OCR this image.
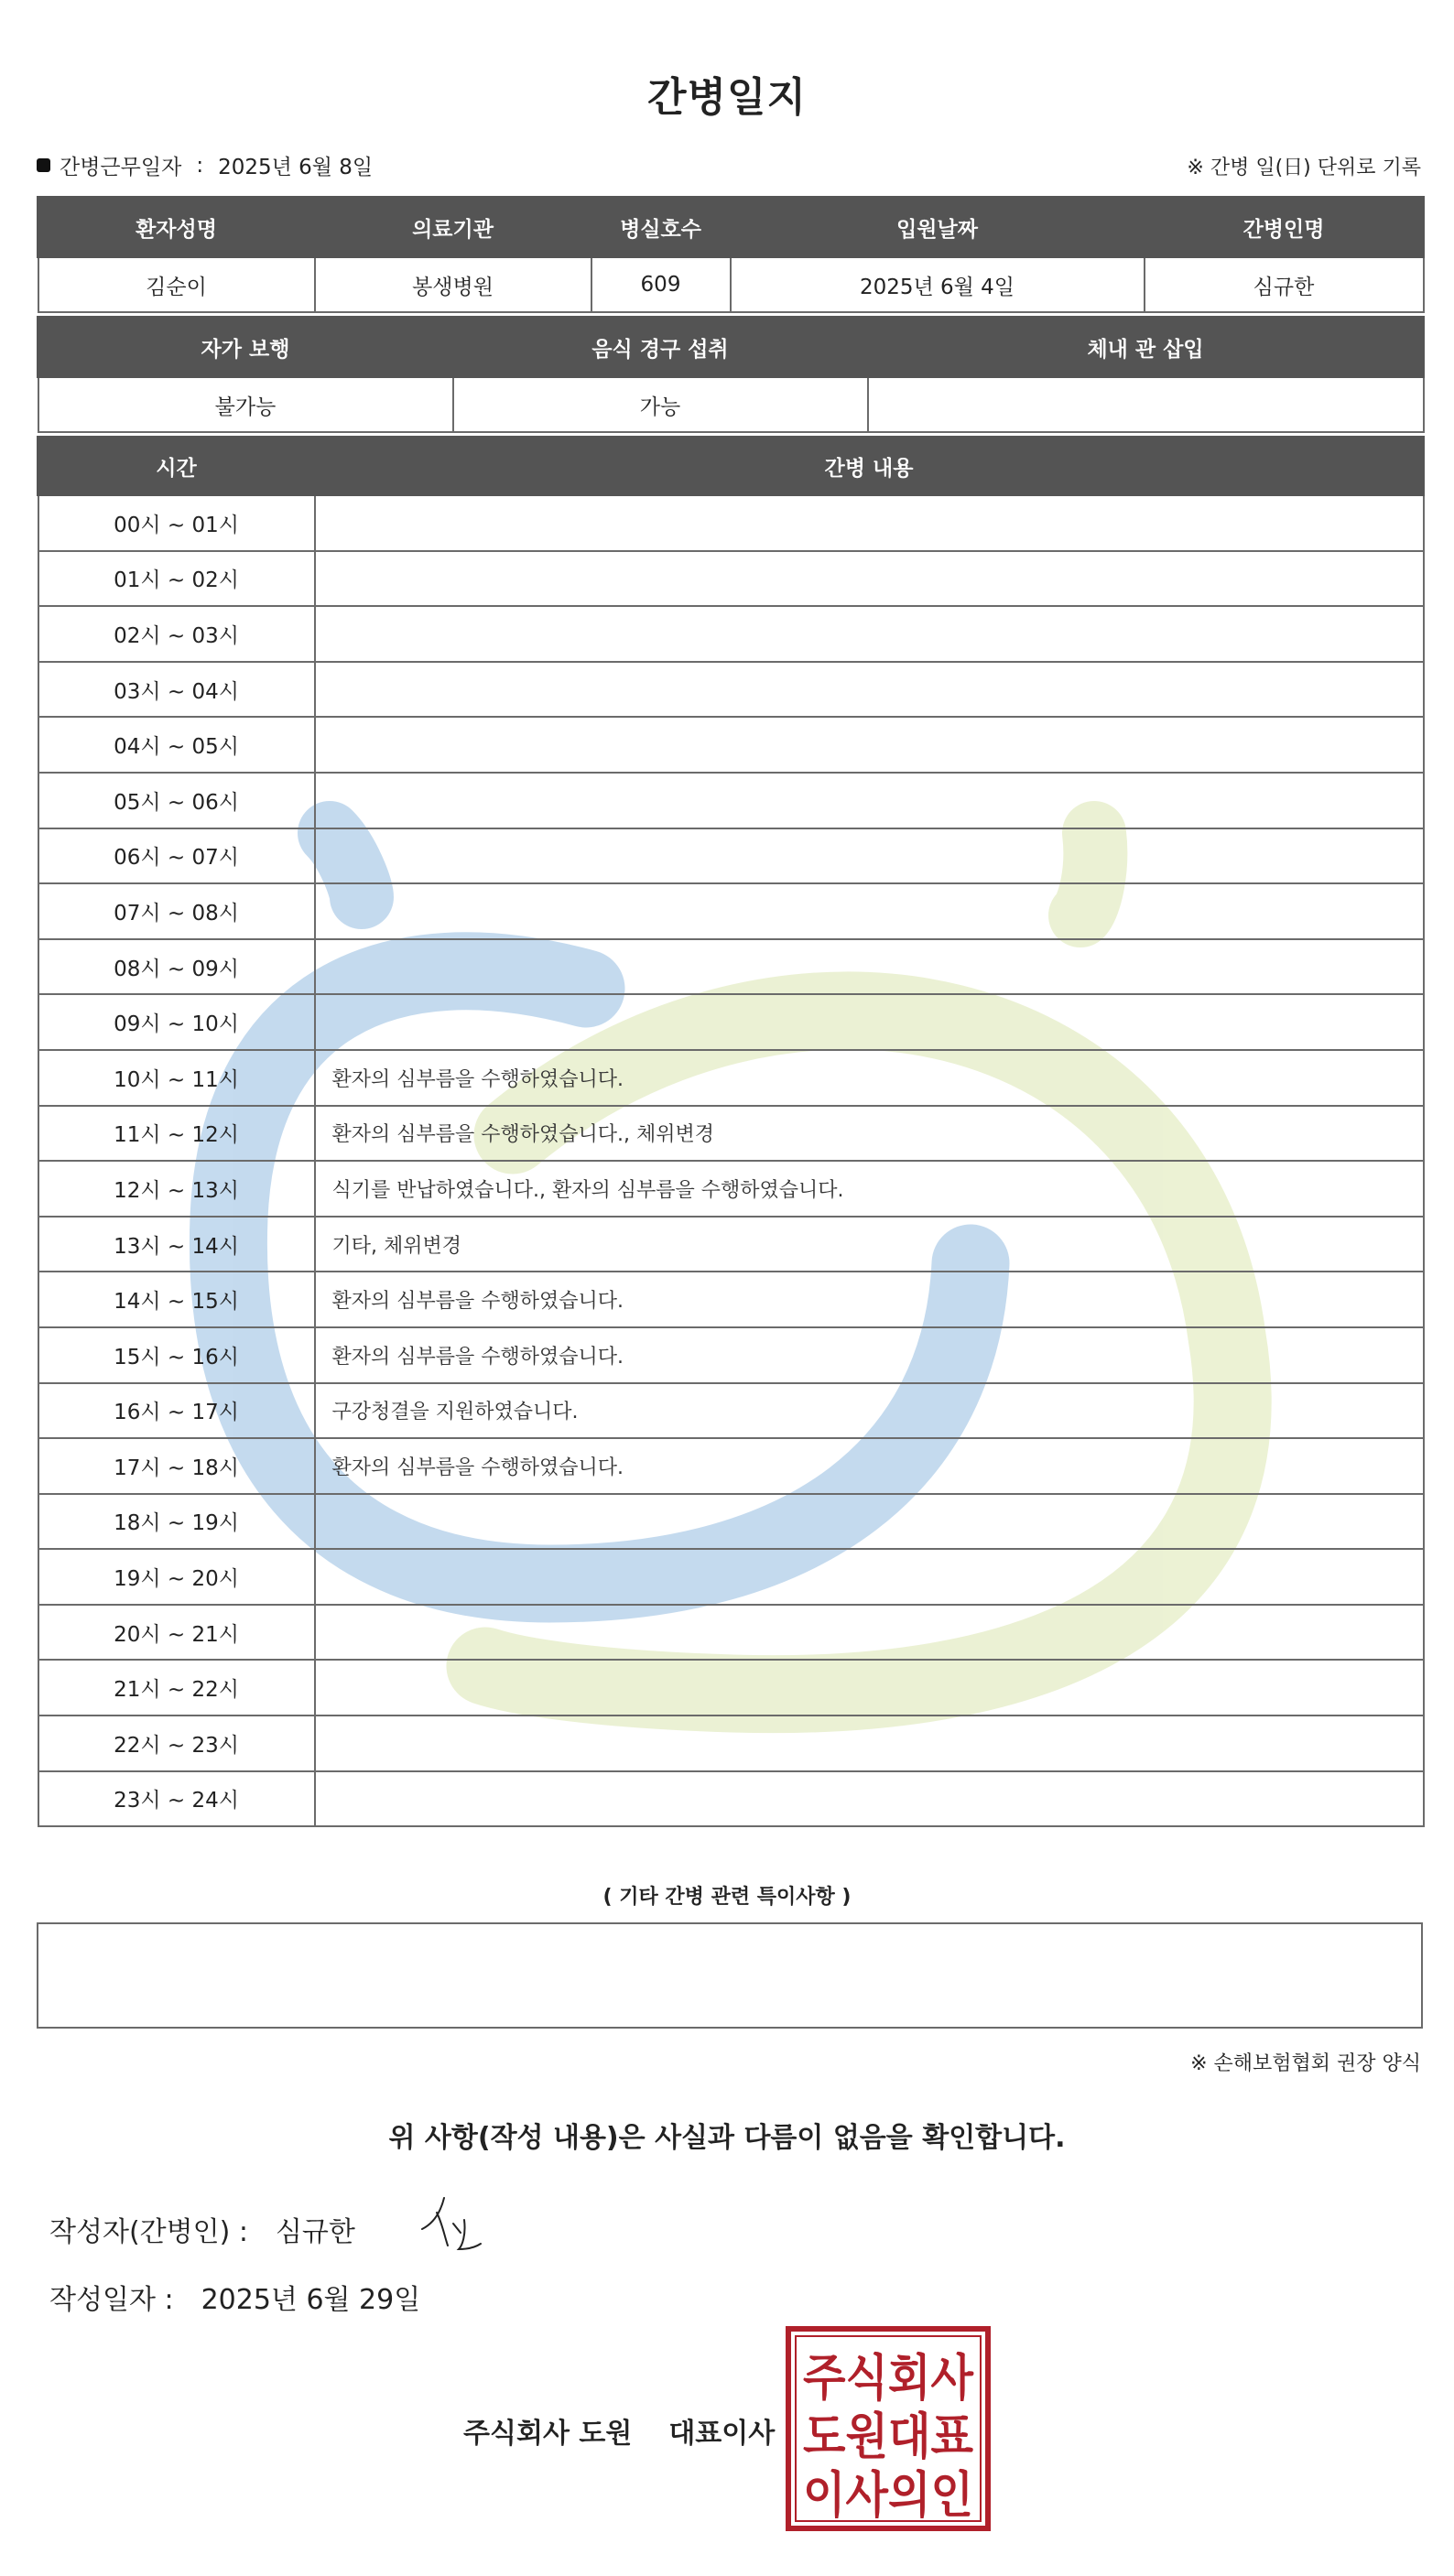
간병일지
간병근무일자 : 2025년 6월 8일	※ 간병 일(日) 단위로 기록
환자성명	의료기관	병실호수	입원날짜	간병인명
김순이	봉생병원	609	2025년 6월 4일	심규한
자가 보행	음식 경구 섭취	체내 관 삽입
불가능	가능	
시간	간병 내용
00시 ~ 01시	
01시 ~ 02시	
02시 ~ 03시	
03시 ~ 04시	
04시 ~ 05시	
05시 ~ 06시	
06시 ~ 07시	
07시 ~ 08시	
08시 ~ 09시	
09시 ~ 10시	
10시 ~ 11시	환자의 심부름을 수행하였습니다.
11시 ~ 12시	환자의 심부름을 수행하였습니다., 체위변경
12시 ~ 13시	식기를 반납하였습니다., 환자의 심부름을 수행하였습니다.
13시 ~ 14시	기타, 체위변경
14시 ~ 15시	환자의 심부름을 수행하였습니다.
15시 ~ 16시	환자의 심부름을 수행하였습니다.
16시 ~ 17시	구강청결을 지원하였습니다.
17시 ~ 18시	환자의 심부름을 수행하였습니다.
18시 ~ 19시	
19시 ~ 20시	
20시 ~ 21시	
21시 ~ 22시	
22시 ~ 23시	
23시 ~ 24시	
( 기타 간병 관련 특이사항 )
※ 손해보험협회 권장 양식
위 사항(작성 내용)은 사실과 다름이 없음을 확인합니다.
작성자(간병인) : 심규한
작성일자 : 2025년 6월 29일
주식회사 도원 대표이사
주식회사
도원대표
이사의인
